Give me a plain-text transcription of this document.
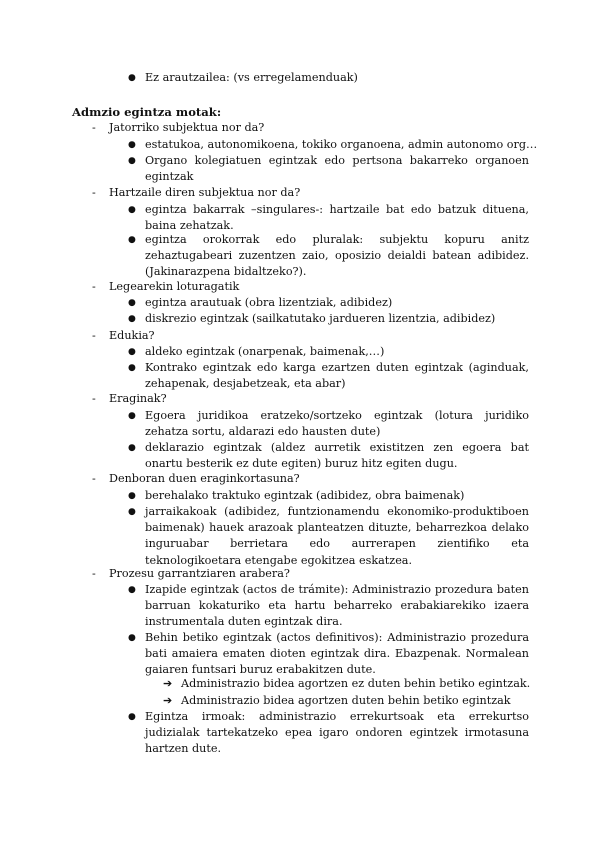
● Ez arautzailea: (vs erregelamenduak)
Admzio egintza motak:
- Jatorriko subjektua nor da?
● estatukoa, autonomikoena, tokiko organoena, admin autonomo org…
● Organo kolegiatuen egintzak edo pertsona bakarreko organoen egintzak
- Hartzaile diren subjektua nor da?
● egintza bakarrak –singulares-: hartzaile bat edo batzuk dituena, baina zehatzak.
● egintza orokorrak edo pluralak: subjektu kopuru anitz zehaztugabeari zuzentzen zaio, oposizio deialdi batean adibidez. (Jakinarazpena bidaltzeko?).
- Legearekin loturagatik
● egintza arautuak (obra lizentziak, adibidez)
● diskrezio egintzak (sailkatutako jardueren lizentzia, adibidez)
- Edukia?
● aldeko egintzak (onarpenak, baimenak,…)
● Kontrako egintzak edo karga ezartzen duten egintzak (aginduak, zehapenak, desjabetzeak, eta abar)
- Eraginak?
● Egoera juridikoa eratzeko/sortzeko egintzak (lotura juridiko zehatza sortu, aldarazi edo hausten dute)
● deklarazio egintzak (aldez aurretik existitzen zen egoera bat onartu besterik ez dute egiten) buruz hitz egiten dugu.
- Denboran duen eraginkortasuna?
● berehalako traktuko egintzak (adibidez, obra baimenak)
● jarraikakoak (adibidez, funtzionamendu ekonomiko-produktiboen baimenak) hauek arazoak planteatzen dituzte, beharrezkoa delako inguruabar berrietara edo aurrerapen zientifiko eta teknologikoetara etengabe egokitzea eskatzea.
- Prozesu garrantziaren arabera?
● Izapide egintzak (actos de trámite): Administrazio prozedura baten barruan kokaturiko eta hartu beharreko erabakiarekiko izaera instrumentala duten egintzak dira.
● Behin betiko egintzak (actos definitivos): Administrazio prozedura bati amaiera ematen dioten egintzak dira. Ebazpenak. Normalean gaiaren funtsari buruz erabakitzen dute.
➔ Administrazio bidea agortzen ez duten behin betiko egintzak.
➔ Administrazio bidea agortzen duten behin betiko egintzak
● Egintza irmoak: administrazio errekurtsoak eta errekurtso judizialak tartekatzeko epea igaro ondoren egintzek irmotasuna hartzen dute.
